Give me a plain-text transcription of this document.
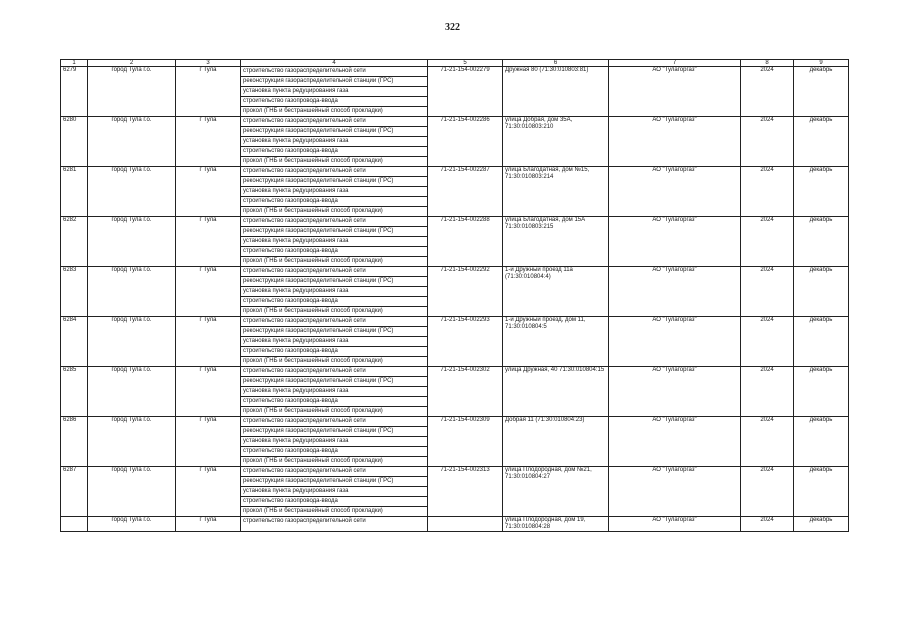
322
1	2	3	4	5	6	7	8	9
6279	город Тула г.о.	г Тула	строительство газораспределительной сети	71-21-154-002279	Дружная 80 (71:30:010803:81)	АО "Тулагоргаз"	2024	декабрь
			реконструкция газораспределительной станции (ГРС)					
			установка пункта редуцирования газа					
			строительство газопровода-ввода					
			прокол (ГНБ и бестраншейный способ прокладки)					
6280	город Тула г.о.	г Тула	строительство газораспределительной сети	71-21-154-002286	улица Добрая, дом 35А, 71:30:010803:210	АО "Тулагоргаз"	2024	декабрь
			реконструкция газораспределительной станции (ГРС)					
			установка пункта редуцирования газа					
			строительство газопровода-ввода					
			прокол (ГНБ и бестраншейный способ прокладки)					
6281	город Тула г.о.	г Тула	строительство газораспределительной сети	71-21-154-002287	улица Благодатная, дом №15, 71:30:010803:214	АО "Тулагоргаз"	2024	декабрь
			реконструкция газораспределительной станции (ГРС)					
			установка пункта редуцирования газа					
			строительство газопровода-ввода					
			прокол (ГНБ и бестраншейный способ прокладки)					
6282	город Тула г.о.	г Тула	строительство газораспределительной сети	71-21-154-002288	улица Благодатная, дом 15А 71:30:010803:215	АО "Тулагоргаз"	2024	декабрь
			реконструкция газораспределительной станции (ГРС)					
			установка пункта редуцирования газа					
			строительство газопровода-ввода					
			прокол (ГНБ и бестраншейный способ прокладки)					
6283	город Тула г.о.	г Тула	строительство газораспределительной сети	71-21-154-002292	1-й Дружный проезд 11а (71:30:010804:4)	АО "Тулагоргаз"	2024	декабрь
			реконструкция газораспределительной станции (ГРС)					
			установка пункта редуцирования газа					
			строительство газопровода-ввода					
			прокол (ГНБ и бестраншейный способ прокладки)					
6284	город Тула г.о.	г Тула	строительство газораспределительной сети	71-21-154-002293	1-й Дружный проезд, дом 11, 71:30:010804:5	АО "Тулагоргаз"	2024	декабрь
			реконструкция газораспределительной станции (ГРС)					
			установка пункта редуцирования газа					
			строительство газопровода-ввода					
			прокол (ГНБ и бестраншейный способ прокладки)					
6285	город Тула г.о.	г Тула	строительство газораспределительной сети	71-21-154-002302	улица Дружная, 40 71:30:010804:15	АО "Тулагоргаз"	2024	декабрь
			реконструкция газораспределительной станции (ГРС)					
			установка пункта редуцирования газа					
			строительство газопровода-ввода					
			прокол (ГНБ и бестраншейный способ прокладки)					
6286	город Тула г.о.	г Тула	строительство газораспределительной сети	71-21-154-002309	Добрая 11 (71:30:010804:23)	АО "Тулагоргаз"	2024	декабрь
			реконструкция газораспределительной станции (ГРС)					
			установка пункта редуцирования газа					
			строительство газопровода-ввода					
			прокол (ГНБ и бестраншейный способ прокладки)					
6287	город Тула г.о.	г Тула	строительство газораспределительной сети	71-21-154-002313	улица Плодородная, дом №21, 71:30:010804:27	АО "Тулагоргаз"	2024	декабрь
			реконструкция газораспределительной станции (ГРС)					
			установка пункта редуцирования газа					
			строительство газопровода-ввода					
			прокол (ГНБ и бестраншейный способ прокладки)					
	город Тула г.о.	г Тула	строительство газораспределительной сети		улица Плодородная, дом 19, 71:30:010804:28	АО "Тулагоргаз"	2024	декабрь
